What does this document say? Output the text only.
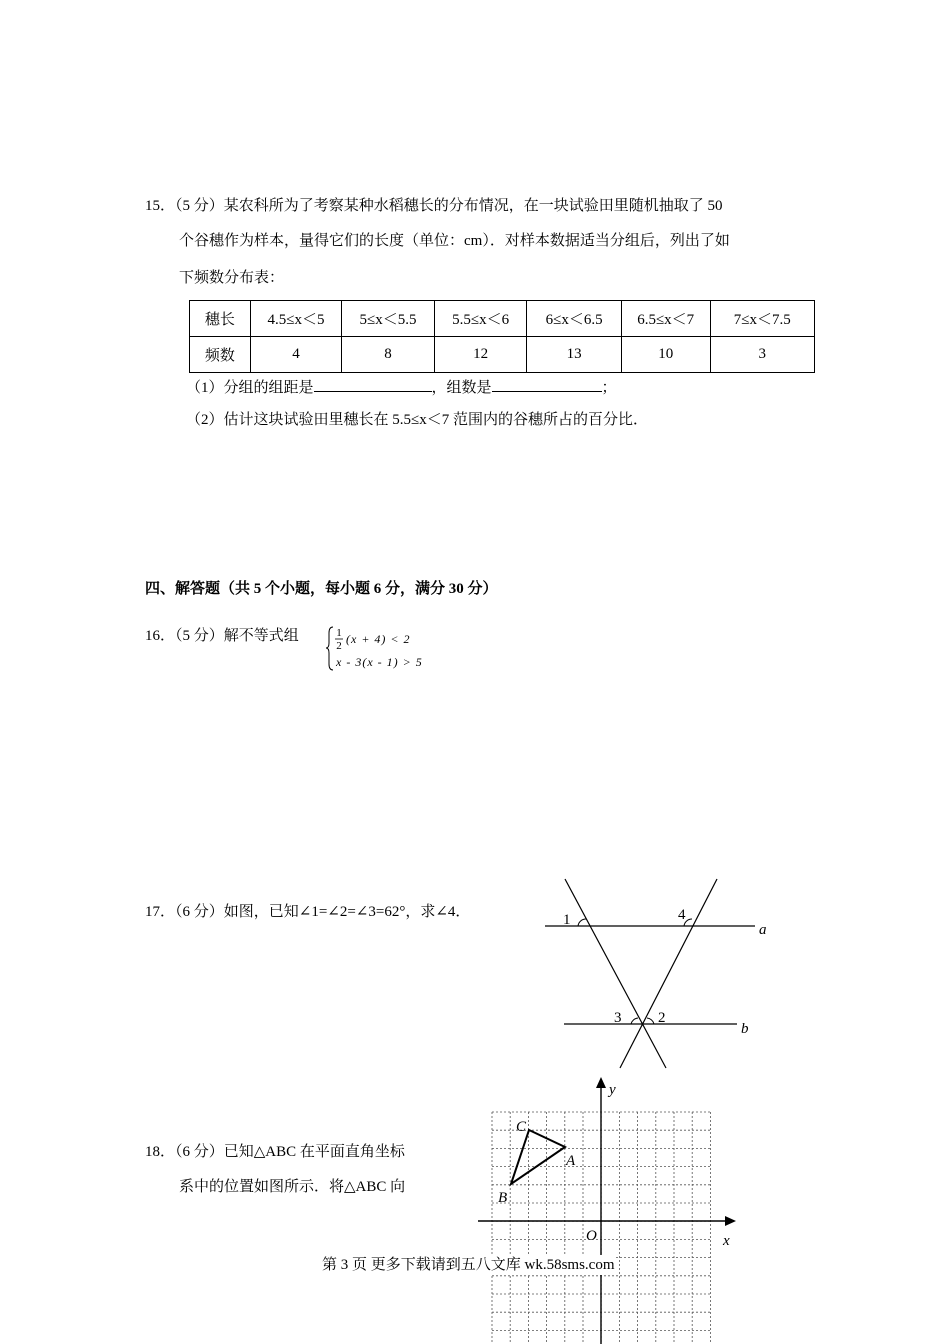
15．（5 分）某农科所为了考察某种水稻穗长的分布情况，在一块试验田里随机抽取了 50
个谷穗作为样本，量得它们的长度（单位：cm）．对样本数据适当分组后，列出了如
下频数分布表：
穗长	4.5≤x＜5	5≤x＜5.5	5.5≤x＜6	6≤x＜6.5	6.5≤x＜7	7≤x＜7.5
频数	4	8	12	13	10	3
（1）分组的组距是	，组数是	；
（2）估计这块试验田里穗长在 5.5≤x＜7 范围内的谷穗所占的百分比．
四、解答题（共 5 个小题，每小题 6 分，满分 30 分）
16．（5 分）解不等式组	1
2 (x + 4) < 2
x - 3(x - 1) > 5
17．（6 分）如图，已知∠1=∠2=∠3=62°，求∠4．	1	4
3 2
a
b
18．（6 分）已知△ABC 在平面直角坐标
系中的位置如图所示．将△ABC 向
y
x
O
A
B
C
第 3 页 更多下载请到五八文库 wk.58sms.com
